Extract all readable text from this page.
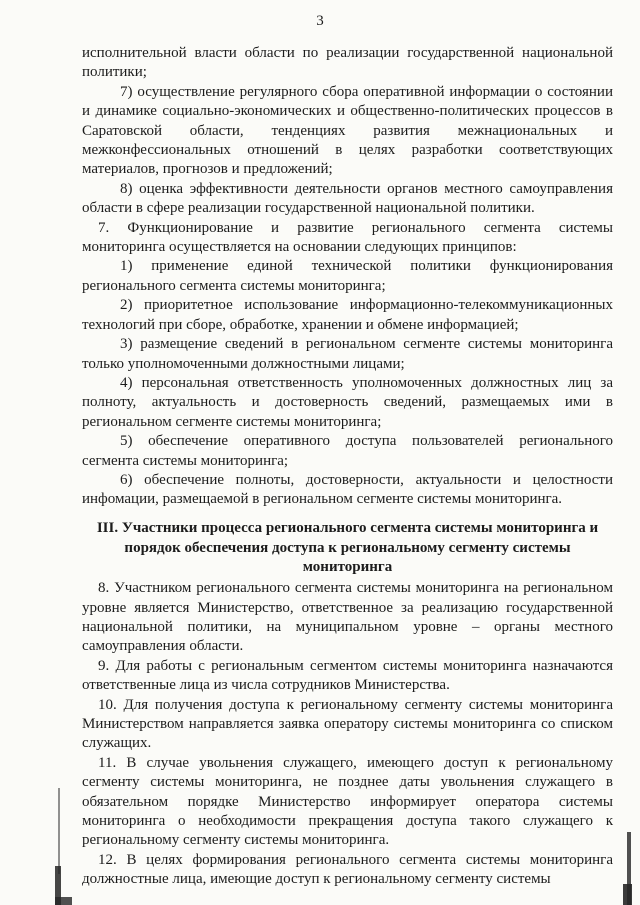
3

исполнительной власти области по реализации государственной национальной политики;

7) осуществление регулярного сбора оперативной информации о состоянии и динамике социально-экономических и общественно-политических процессов в Саратовской области, тенденциях развития межнациональных и межконфессиональных отношений в целях разработки соответствующих материалов, прогнозов и предложений;

8) оценка эффективности деятельности органов местного самоуправления области в сфере реализации государственной национальной политики.

7. Функционирование и развитие регионального сегмента системы мониторинга осуществляется на основании следующих принципов:

1) применение единой технической политики функционирования регионального сегмента системы мониторинга;

2) приоритетное использование информационно-телекоммуникационных технологий при сборе, обработке, хранении и обмене информацией;

3) размещение сведений в региональном сегменте системы мониторинга только уполномоченными должностными лицами;

4) персональная ответственность уполномоченных должностных лиц за полноту, актуальность и достоверность сведений, размещаемых ими в региональном сегменте системы мониторинга;

5) обеспечение оперативного доступа пользователей регионального сегмента системы мониторинга;

6) обеспечение полноты, достоверности, актуальности и целостности инфомации, размещаемой в региональном сегменте системы мониторинга.

III. Участники процесса регионального сегмента системы мониторинга и порядок обеспечения доступа к региональному сегменту системы мониторинга

8. Участником регионального сегмента системы мониторинга на региональном уровне является Министерство, ответственное за реализацию государственной национальной политики, на муниципальном уровне – органы местного самоуправления области.

9. Для работы с региональным сегментом системы мониторинга назначаются ответственные лица из числа сотрудников Министерства.

10. Для получения доступа к региональному сегменту системы мониторинга Министерством направляется заявка оператору системы мониторинга со списком служащих.

11. В случае увольнения служащего, имеющего доступ к региональному сегменту системы мониторинга, не позднее даты увольнения служащего в обязательном порядке Министерство информирует оператора системы мониторинга о необходимости прекращения доступа такого служащего к региональному сегменту системы мониторинга.

12. В целях формирования регионального сегмента системы мониторинга должностные лица, имеющие доступ к региональному сегменту системы
